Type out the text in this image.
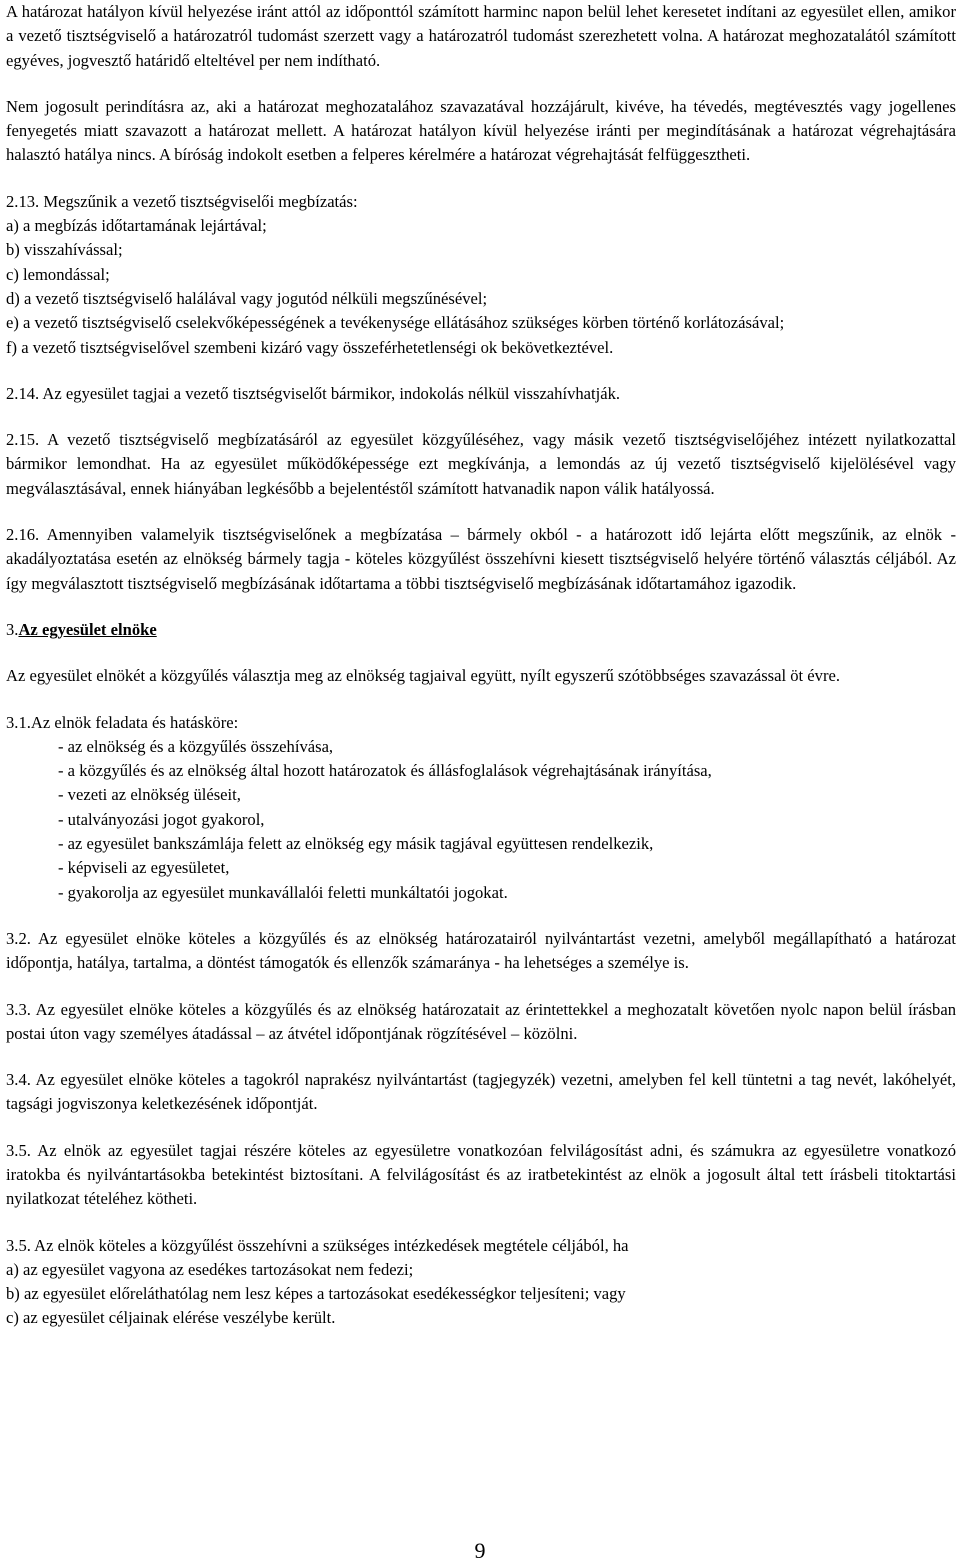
A határozat hatályon kívül helyezése iránt attól az időponttól számított harminc napon belül lehet keresetet indítani az egyesület ellen, amikor a vezető tisztségviselő a határozatról tudomást szerzett vagy a határozatról tudomást szerezhetett volna. A határozat meghozatalától számított egyéves, jogvesztő határidő elteltével per nem indítható.

Nem jogosult perindításra az, aki a határozat meghozatalához szavazatával hozzájárult, kivéve, ha tévedés, megtévesztés vagy jogellenes fenyegetés miatt szavazott a határozat mellett. A határozat hatályon kívül helyezése iránti per megindításának a határozat végrehajtására halasztó hatálya nincs. A bíróság indokolt esetben a felperes kérelmére a határozat végrehajtását felfüggesztheti.

2.13. Megszűnik a vezető tisztségviselői megbízatás:
a) a megbízás időtartamának lejártával;
b) visszahívással;
c) lemondással;
d) a vezető tisztségviselő halálával vagy jogutód nélküli megszűnésével;
e) a vezető tisztségviselő cselekvőképességének a tevékenysége ellátásához szükséges körben történő korlátozásával;
f) a vezető tisztségviselővel szembeni kizáró vagy összeférhetetlenségi ok bekövetkeztével.

2.14. Az egyesület tagjai a vezető tisztségviselőt bármikor, indokolás nélkül visszahívhatják.

2.15. A vezető tisztségviselő megbízatásáról az egyesület közgyűléséhez, vagy másik vezető tisztségviselőjéhez intézett nyilatkozattal bármikor lemondhat. Ha az egyesület működőképessége ezt megkívánja, a lemondás az új vezető tisztségviselő kijelölésével vagy megválasztásával, ennek hiányában legkésőbb a bejelentéstől számított hatvanadik napon válik hatályossá.

2.16. Amennyiben valamelyik tisztségviselőnek a megbízatása – bármely okból - a határozott idő lejárta előtt megszűnik, az elnök - akadályoztatása esetén az elnökség bármely tagja - köteles közgyűlést összehívni kiesett tisztségviselő helyére történő választás céljából. Az így megválasztott tisztségviselő megbízásának időtartama a többi tisztségviselő megbízásának időtartamához igazodik.

3.Az egyesület elnöke

Az egyesület elnökét a közgyűlés választja meg az elnökség tagjaival együtt, nyílt egyszerű szótöbbséges szavazással öt évre.

3.1.Az elnök feladata és hatásköre:
- az elnökség és a közgyűlés összehívása,
- a közgyűlés és az elnökség által hozott határozatok és állásfoglalások végrehajtásának irányítása,
- vezeti az elnökség üléseit,
- utalványozási jogot gyakorol,
- az egyesület bankszámlája felett az elnökség egy másik tagjával együttesen rendelkezik,
- képviseli az egyesületet,
- gyakorolja az egyesület munkavállalói feletti munkáltatói jogokat.

3.2. Az egyesület elnöke köteles a közgyűlés és az elnökség határozatairól nyilvántartást vezetni, amelyből megállapítható a határozat időpontja, hatálya, tartalma, a döntést támogatók és ellenzők számaránya - ha lehetséges a személye is.

3.3. Az egyesület elnöke köteles a közgyűlés és az elnökség határozatait az érintettekkel a meghozatalt követően nyolc napon belül írásban postai úton vagy személyes átadással – az átvétel időpontjának rögzítésével – közölni.

3.4. Az egyesület elnöke köteles a tagokról naprakész nyilvántartást (tagjegyzék) vezetni, amelyben fel kell tüntetni a tag nevét, lakóhelyét, tagsági jogviszonya keletkezésének időpontját.

3.5. Az elnök az egyesület tagjai részére köteles az egyesületre vonatkozóan felvilágosítást adni, és számukra az egyesületre vonatkozó iratokba és nyilvántartásokba betekintést biztosítani. A felvilágosítást és az iratbetekintést az elnök a jogosult által tett írásbeli titoktartási nyilatkozat tételéhez kötheti.

3.5. Az elnök köteles a közgyűlést összehívni a szükséges intézkedések megtétele céljából, ha
a) az egyesület vagyona az esedékes tartozásokat nem fedezi;
b) az egyesület előreláthatólag nem lesz képes a tartozásokat esedékességkor teljesíteni; vagy
c) az egyesület céljainak elérése veszélybe került.
9
